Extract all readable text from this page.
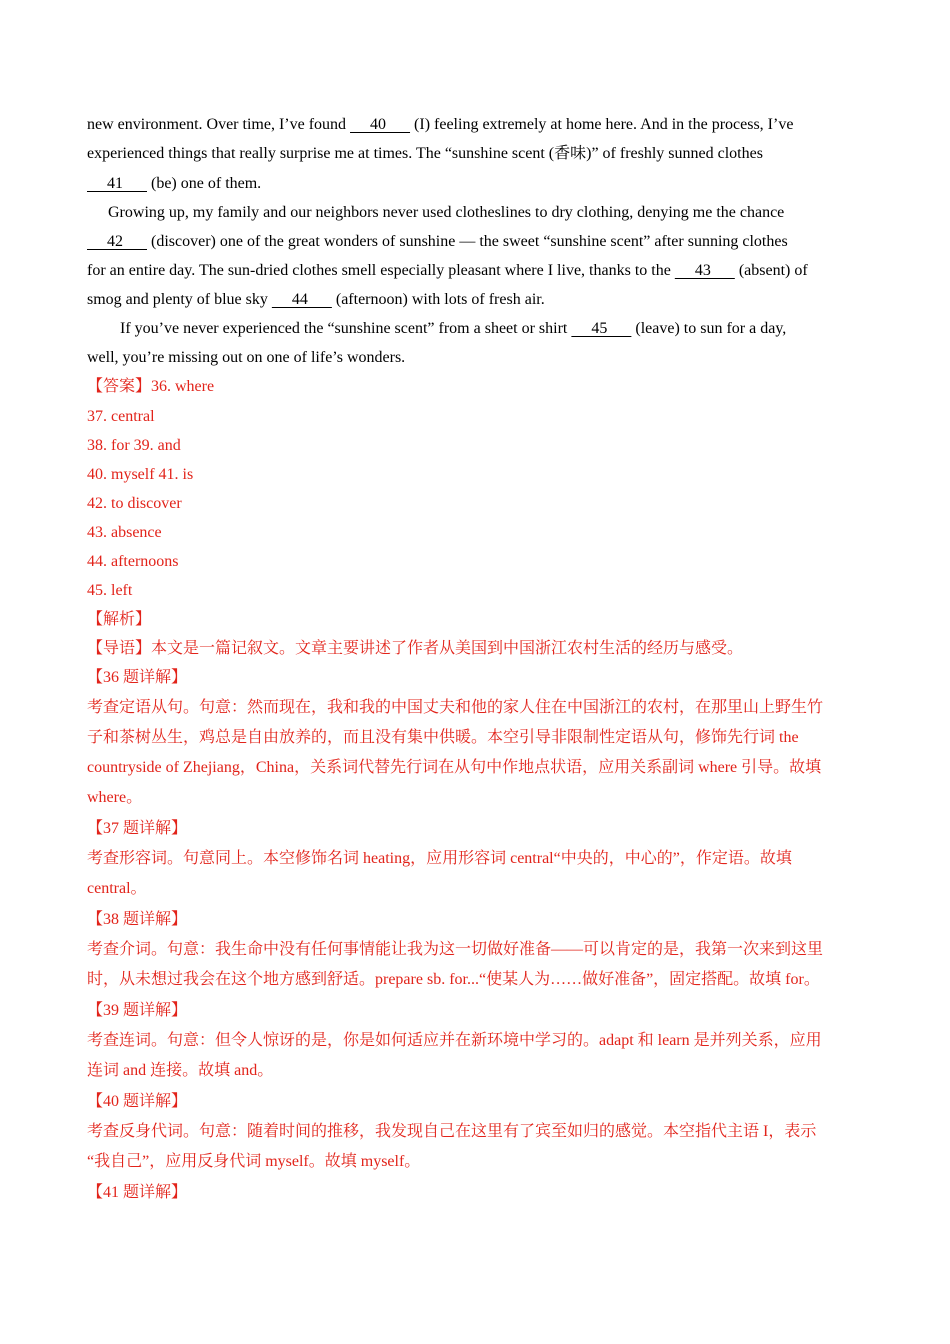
new environment. Over time, I’ve found      40       (I) feeling extremely at home here. And in the process, I’ve
experienced things that really surprise me at times. The “sunshine scent (香味)” of freshly sunned clothes
41       (be) one of them.
Growing up, my family and our neighbors never used clotheslines to dry clothing, denying me the chance
42       (discover) one of the great wonders of sunshine — the sweet “sunshine scent” after sunning clothes
for an entire day. The sun-dried clothes smell especially pleasant where I live, thanks to the      43       (absent) of
smog and plenty of blue sky      44       (afternoon) with lots of fresh air.
If you’ve never experienced the “sunshine scent” from a sheet or shirt      45       (leave) to sun for a day,
well, you’re missing out on one of life’s wonders.
【答案】36. where
37. central
38. for 39. and
40. myself 41. is
42. to discover
43. absence
44. afternoons
45. left
【解析】
【导语】本文是一篇记叙文。文章主要讲述了作者从美国到中国浙江农村生活的经历与感受。
【36 题详解】
考查定语从句。句意：然而现在，我和我的中国丈夫和他的家人住在中国浙江的农村，在那里山上野生竹
子和茶树丛生，鸡总是自由放养的，而且没有集中供暖。本空引导非限制性定语从句，修饰先行词 the
countryside of Zhejiang，China，关系词代替先行词在从句中作地点状语，应用关系副词 where 引导。故填
where。
【37 题详解】
考查形容词。句意同上。本空修饰名词 heating，应用形容词 central“中央的，中心的”，作定语。故填
central。
【38 题详解】
考查介词。句意：我生命中没有任何事情能让我为这一切做好准备——可以肯定的是，我第一次来到这里
时，从未想过我会在这个地方感到舒适。prepare sb. for...“使某人为……做好准备”，固定搭配。故填 for。
【39 题详解】
考查连词。句意：但令人惊讶的是，你是如何适应并在新环境中学习的。adapt 和 learn 是并列关系，应用
连词 and 连接。故填 and。
【40 题详解】
考查反身代词。句意：随着时间的推移，我发现自己在这里有了宾至如归的感觉。本空指代主语 I，表示
“我自己”，应用反身代词 myself。故填 myself。
【41 题详解】
